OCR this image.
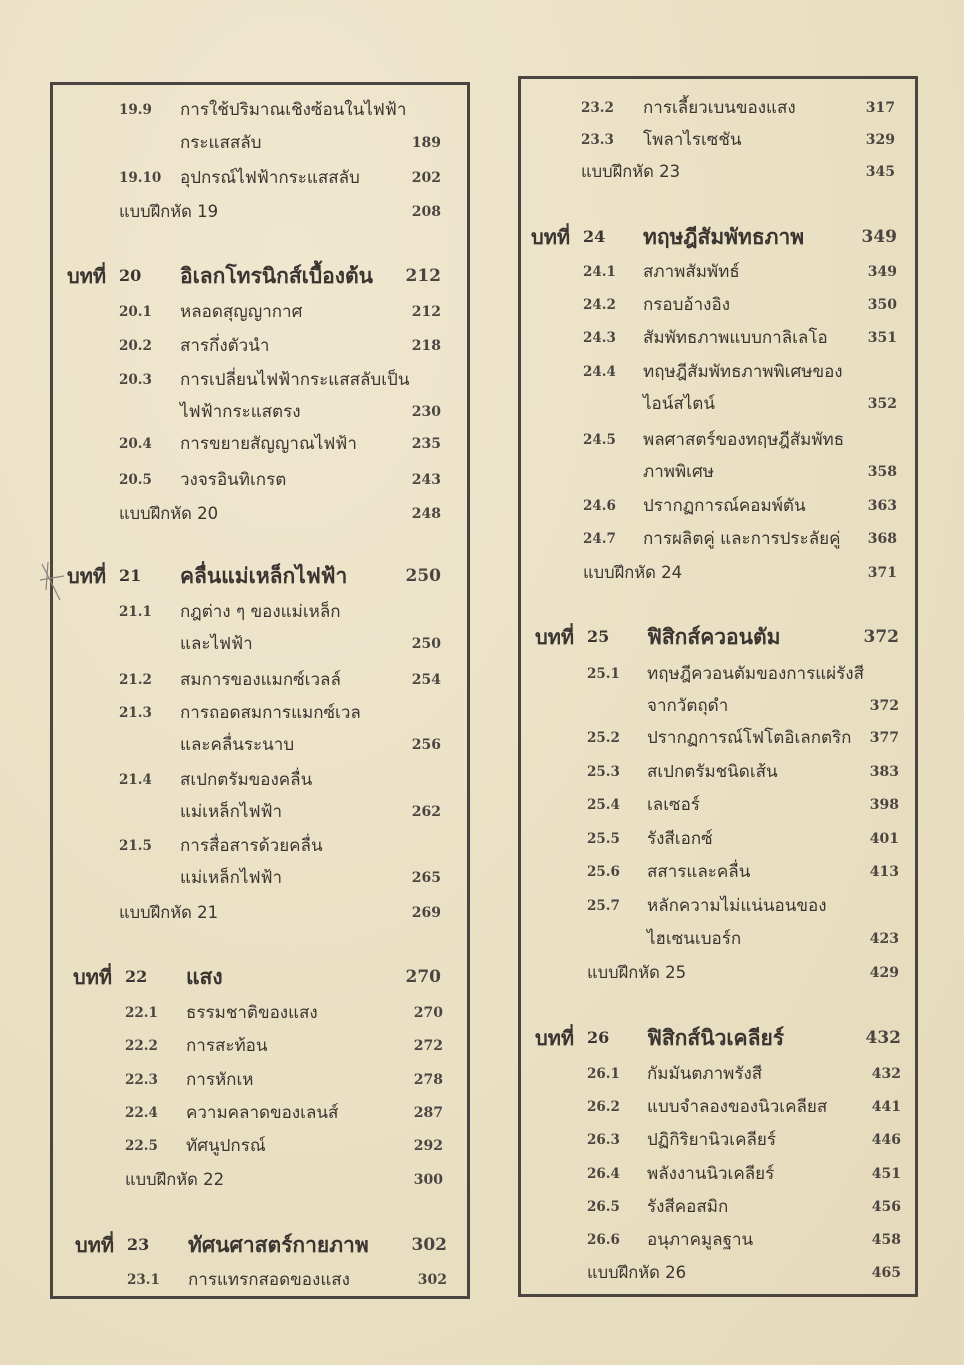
19.9 การใช้ปริมาณเชิงซ้อนในไฟฟ้า
กระแสสลับ	189
19.10 อุปกรณ์ไฟฟ้ากระแสสลับ	202
แบบฝึกหัด 19	208
บทที่ 20 อิเลกโทรนิกส์เบื้องต้น 212
20.1 หลอดสุญญากาศ	212
20.2 สารกึ่งตัวนำ	218
20.3 การเปลี่ยนไฟฟ้ากระแสสลับเป็น
ไฟฟ้ากระแสตรง	230
20.4 การขยายสัญญาณไฟฟ้า	235
20.5 วงจรอินทิเกรต	243
แบบฝึกหัด 20	248
บทที่ 21 คลื่นแม่เหล็กไฟฟ้า	250
21.1 กฎต่าง ๆ ของแม่เหล็ก
และไฟฟ้า	250
21.2 สมการของแมกซ์เวลล์	254
21.3 การถอดสมการแมกซ์เวล
และคลื่นระนาบ	256
21.4 สเปกตรัมของคลื่น
แม่เหล็กไฟฟ้า	262
21.5 การสื่อสารด้วยคลื่น
แม่เหล็กไฟฟ้า	265
แบบฝึกหัด 21	269
บทที่ 22 แสง	270
22.1 ธรรมชาติของแสง	270
22.2 การสะท้อน	272
22.3 การหักเห	278
22.4 ความคลาดของเลนส์	287
22.5 ทัศนูปกรณ์	292
แบบฝึกหัด 22	300
บทที่ 23 ทัศนศาสตร์กายภาพ	302
23.1 การแทรกสอดของแสง	302
23.2 การเลี้ยวเบนของแสง	317
23.3 โพลาไรเซชัน	329
แบบฝึกหัด 23	345
บทที่ 24 ทฤษฎีสัมพัทธภาพ	349
24.1 สภาพสัมพัทธ์	349
24.2 กรอบอ้างอิง	350
24.3 สัมพัทธภาพแบบกาลิเลโอ	351
24.4 ทฤษฎีสัมพัทธภาพพิเศษของ
ไอน์สไตน์	352
24.5 พลศาสตร์ของทฤษฎีสัมพัทธ
ภาพพิเศษ	358
24.6 ปรากฏการณ์คอมพ์ตัน	363
24.7 การผลิตคู่ และการประลัยคู่ 368
แบบฝึกหัด 24	371
บทที่ 25 ฟิสิกส์ควอนตัม	372
25.1 ทฤษฎีควอนตัมของการแผ่รังสี
จากวัตถุดำ	372
25.2 ปรากฏการณ์โฟโตอิเลกตริก 377
25.3 สเปกตรัมชนิดเส้น	383
25.4 เลเซอร์	398
25.5 รังสีเอกซ์	401
25.6 สสารและคลื่น	413
25.7 หลักความไม่แน่นอนของ
ไฮเซนเบอร์ก	423
แบบฝึกหัด 25	429
บทที่ 26 ฟิสิกส์นิวเคลียร์	432
26.1 กัมมันตภาพรังสี	432
26.2 แบบจำลองของนิวเคลียส	441
26.3 ปฏิกิริยานิวเคลียร์	446
26.4 พลังงานนิวเคลียร์	451
26.5 รังสีคอสมิก	456
26.6 อนุภาคมูลฐาน	458
แบบฝึกหัด 26	465
